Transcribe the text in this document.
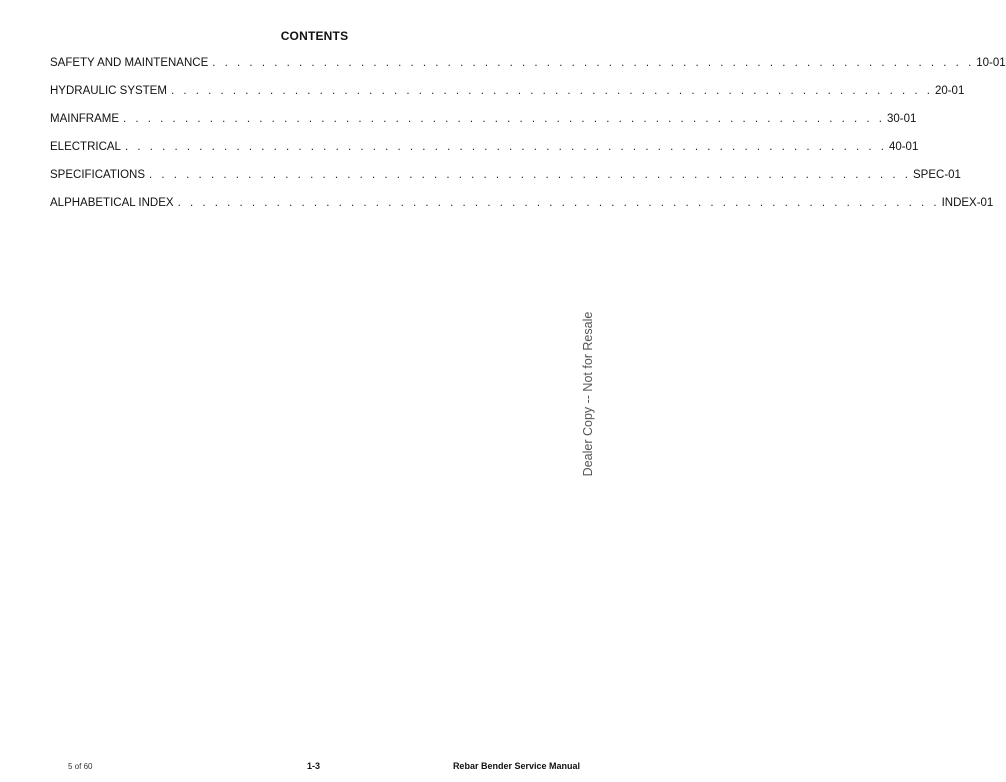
CONTENTS
SAFETY AND MAINTENANCE . . . . . . . . . . . . . . . . . . . . . . . . . . . . . . . . . . . . . . . . . . . . . . . . . . . . . . . . . . . . . . 10-01
HYDRAULIC SYSTEM . . . . . . . . . . . . . . . . . . . . . . . . . . . . . . . . . . . . . . . . . . . . . . . . . . . . . . . . . . . . . . 20-01
MAINFRAME . . . . . . . . . . . . . . . . . . . . . . . . . . . . . . . . . . . . . . . . . . . . . . . . . . . . . . . . . . . . . . 30-01
ELECTRICAL . . . . . . . . . . . . . . . . . . . . . . . . . . . . . . . . . . . . . . . . . . . . . . . . . . . . . . . . . . . . . . 40-01
SPECIFICATIONS . . . . . . . . . . . . . . . . . . . . . . . . . . . . . . . . . . . . . . . . . . . . . . . . . . . . . . . . . . . . . . SPEC-01
ALPHABETICAL INDEX . . . . . . . . . . . . . . . . . . . . . . . . . . . . . . . . . . . . . . . . . . . . . . . . . . . . . . . . . . . . . . INDEX-01
Dealer Copy -- Not for Resale
5 of 60	1-3	Rebar Bender Service Manual
